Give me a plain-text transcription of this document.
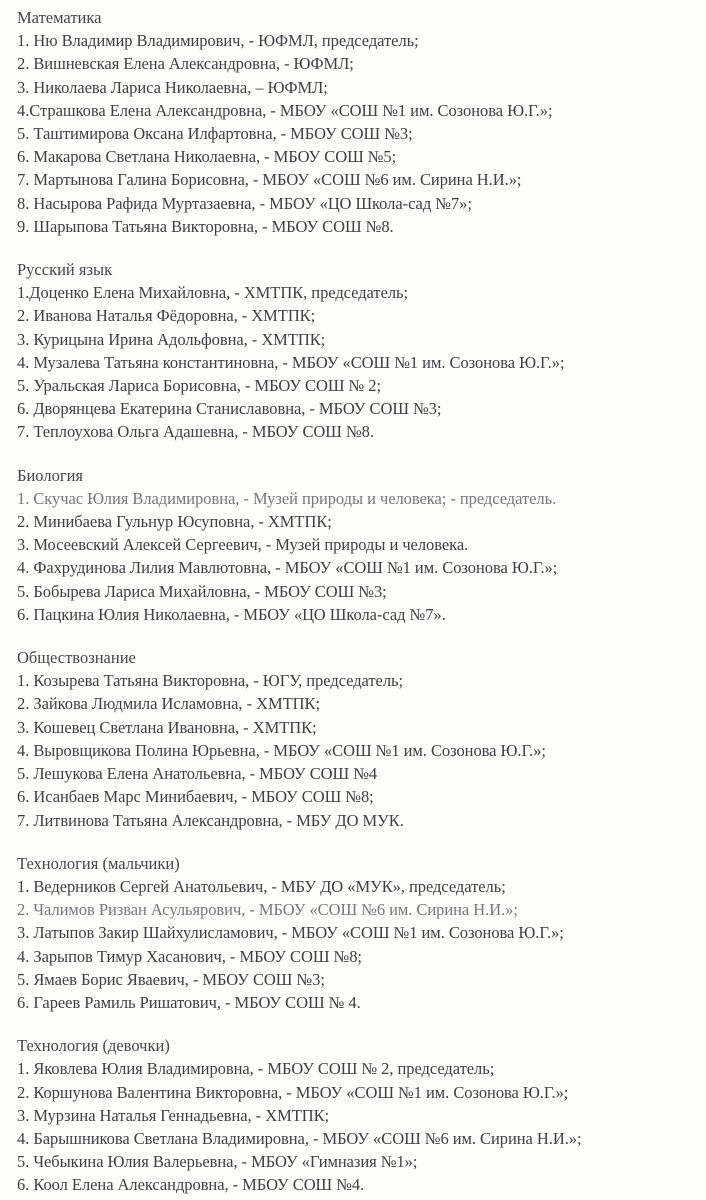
Математика
1. Ню Владимир Владимирович, - ЮФМЛ, председатель;
2. Вишневская Елена Александровна, - ЮФМЛ;
3. Николаева Лариса Николаевна, – ЮФМЛ;
4.Страшкова Елена Александровна, - МБОУ «СОШ №1 им. Созонова Ю.Г.»;
5. Таштимирова Оксана Илфартовна, - МБОУ СОШ №3;
6. Макарова Светлана Николаевна, - МБОУ СОШ №5;
7. Мартынова Галина Борисовна, - МБОУ «СОШ №6 им. Сирина Н.И.»;
8. Насырова Рафида Муртазаевна, - МБОУ «ЦО Школа-сад №7»;
9. Шарыпова Татьяна Викторовна, - МБОУ СОШ №8.
Русский язык
1.Доценко Елена Михайловна, - ХМТПК, председатель;
2. Иванова Наталья Фёдоровна, - ХМТПК;
3. Курицына Ирина Адольфовна, - ХМТПК;
4. Музалева Татьяна константиновна, - МБОУ «СОШ №1 им. Созонова Ю.Г.»;
5. Уральская Лариса Борисовна, - МБОУ СОШ № 2;
6. Дворянцева Екатерина Станиславовна, - МБОУ СОШ №3;
7. Теплоухова Ольга Адашевна, - МБОУ СОШ №8.
Биология
1. Скучас Юлия Владимировна, - Музей природы и человека; - председатель.
2. Минибаева Гульнур Юсуповна, - ХМТПК;
3. Мосеевский Алексей Сергеевич, - Музей природы и человека.
4. Фахрудинова Лилия Мавлютовна, - МБОУ «СОШ №1 им. Созонова Ю.Г.»;
5. Бобырева Лариса Михайловна, - МБОУ СОШ №3;
6. Пацкина Юлия Николаевна, - МБОУ «ЦО Школа-сад №7».
Обществознание
1. Козырева Татьяна Викторовна, - ЮГУ, председатель;
2. Зайкова Людмила Исламовна, - ХМТПК;
3. Кошевец Светлана Ивановна, - ХМТПК;
4. Выровщикова Полина Юрьевна, - МБОУ «СОШ №1 им. Созонова Ю.Г.»;
5. Лешукова Елена Анатольевна, - МБОУ СОШ №4
6. Исанбаев Марс Минибаевич, - МБОУ СОШ №8;
7. Литвинова Татьяна Александровна, - МБУ ДО МУК.
Технология (мальчики)
1. Ведерников Сергей Анатольевич, - МБУ ДО «МУК», председатель;
2. Чалимов Ризван Асульярович, - МБОУ «СОШ №6 им. Сирина Н.И.»;
3. Латыпов Закир Шайхулисламович, - МБОУ «СОШ №1 им. Созонова Ю.Г.»;
4. Зарыпов Тимур Хасанович, - МБОУ СОШ №8;
5. Ямаев Борис Яваевич, - МБОУ СОШ №3;
6. Гареев Рамиль Ришатович, - МБОУ СОШ № 4.
Технология (девочки)
1. Яковлева Юлия Владимировна, - МБОУ СОШ № 2, председатель;
2. Коршунова Валентина Викторовна, - МБОУ «СОШ №1 им. Созонова Ю.Г.»;
3. Мурзина Наталья Геннадьевна, - ХМТПК;
4. Барышникова Светлана Владимировна, - МБОУ «СОШ №6 им. Сирина Н.И.»;
5. Чебыкина Юлия Валерьевна, - МБОУ «Гимназия №1»;
6. Коол Елена Александровна, - МБОУ СОШ №4.
